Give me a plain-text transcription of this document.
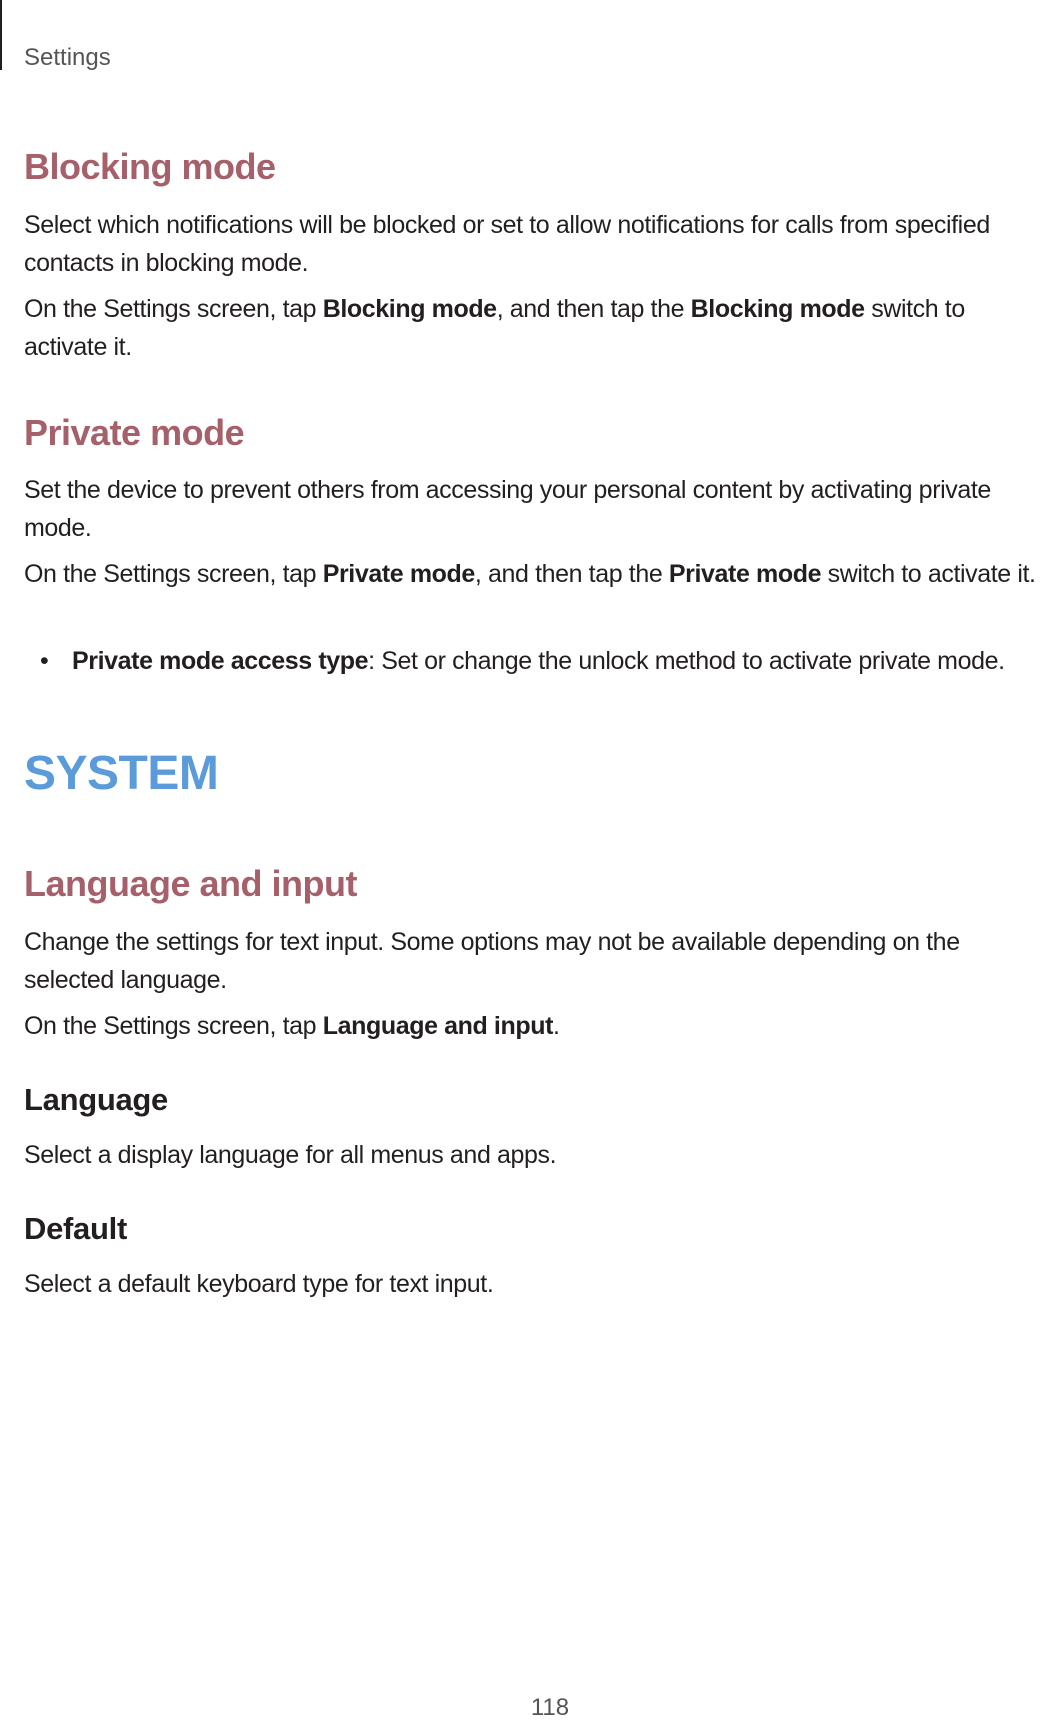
Settings
Blocking mode
Select which notifications will be blocked or set to allow notifications for calls from specified contacts in blocking mode.
On the Settings screen, tap Blocking mode, and then tap the Blocking mode switch to activate it.
Private mode
Set the device to prevent others from accessing your personal content by activating private mode.
On the Settings screen, tap Private mode, and then tap the Private mode switch to activate it.
• Private mode access type: Set or change the unlock method to activate private mode.
SYSTEM
Language and input
Change the settings for text input. Some options may not be available depending on the selected language.
On the Settings screen, tap Language and input.
Language
Select a display language for all menus and apps.
Default
Select a default keyboard type for text input.
118
